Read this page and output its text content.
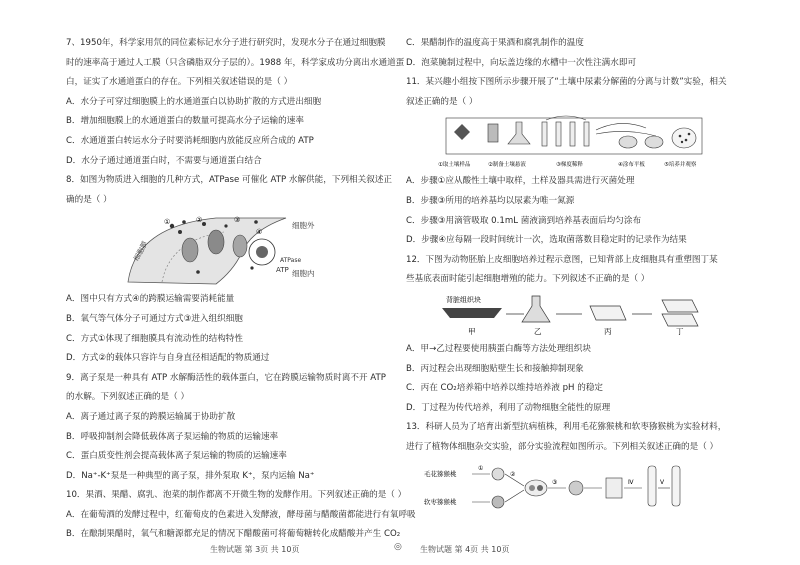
7、1950年，科学家用氘的同位素标记水分子进行研究时，发现水分子在通过细胞膜
时的速率高于通过人工膜（只含磷脂双分子层的）。1988 年，科学家成功分离出水通道蛋
白，证实了水通道蛋白的存在。下列相关叙述错误的是（ ）
A．水分子可穿过细胞膜上的水通道蛋白以协助扩散的方式进出细胞
B．增加细胞膜上的水通道蛋白的数量可提高水分子运输的速率
C．水通道蛋白转运水分子时要消耗细胞内放能反应所合成的 ATP
D．水分子通过通道蛋白时，不需要与通道蛋白结合
8．如图为物质进入细胞的几种方式，ATPase 可催化 ATP 水解供能，下列相关叙述正
确的是（ ）
ATP
ATPase
①	②	③
④
细胞外
细胞内
细胞膜
A．图中只有方式④的跨膜运输需要消耗能量
B．氧气等气体分子可通过方式③进入组织细胞
C．方式①体现了细胞膜具有流动性的结构特性
D．方式②的载体只容许与自身直径相适配的物质通过
9．离子泵是一种具有 ATP 水解酶活性的载体蛋白，它在跨膜运输物质时离不开 ATP
的水解。下列叙述正确的是（ ）
A．离子通过离子泵的跨膜运输属于协助扩散
B．呼吸抑制剂会降低载体离子泵运输的物质的运输速率
C．蛋白质变性剂会提高载体离子泵运输的物质的运输速率
D．Na⁺-K⁺泵是一种典型的离子泵，排外泵取 K⁺，泵内运输 Na⁺
10．果酒、果醋、腐乳、泡菜的制作都离不开微生物的发酵作用。下列叙述正确的是（ ）
A．在葡萄酒的发酵过程中，红葡萄皮的色素进入发酵液，酵母菌与醋酸菌都能进行有氧呼吸
B．在酿制果醋时，氧气和糖源都充足的情况下醋酸菌可将葡萄糖转化成醋酸并产生 CO₂
C．果醋制作的温度高于果酒和腐乳制作的温度
D．泡菜腌制过程中，向坛盖边缘的水槽中一次性注满水即可
11．某兴趣小组按下图所示步骤开展了“土壤中尿素分解菌的分离与计数”实验，相关
叙述正确的是（ ）
①取土壤样品	②制备土壤悬液	③梯度稀释	④涂布平板	⑤培养并观察
A．步骤①应从酸性土壤中取样，土样及器具需进行灭菌处理
B．步骤③所用的培养基均以尿素为唯一氮源
C．步骤③用滴管吸取 0.1mL 菌液滴到培养基表面后均匀涂布
D．步骤④应每隔一段时间统计一次，选取菌落数目稳定时的记录作为结果
12．下图为动物胚胎上皮细胞培养过程示意图，已知背部上皮细胞具有重塑图丁某
些基底表面时能引起细胞增殖的能力。下列叙述不正确的是（ ）
背脏组织块
甲	乙	丙	丁
A．甲→乙过程要使用胰蛋白酶等方法处理组织块
B．丙过程会出现细胞贴壁生长和接触抑制现象
C．丙在 CO₂培养箱中培养以维持培养液 pH 的稳定
D．丁过程为传代培养，利用了动物细胞全能性的原理
13．科研人员为了培育出新型抗病植株，利用毛花猕猴桃和软枣猕猴桃为实验材料，
进行了植物体细胞杂交实验，部分实验流程如图所示。下列相关叙述正确的是（ ）
毛花猕猴桃
软枣猕猴桃
①
②
③	Ⅳ	Ⅴ
生物试题 第 3页 共 10页	◎ 生物试题 第 4页 共 10页
